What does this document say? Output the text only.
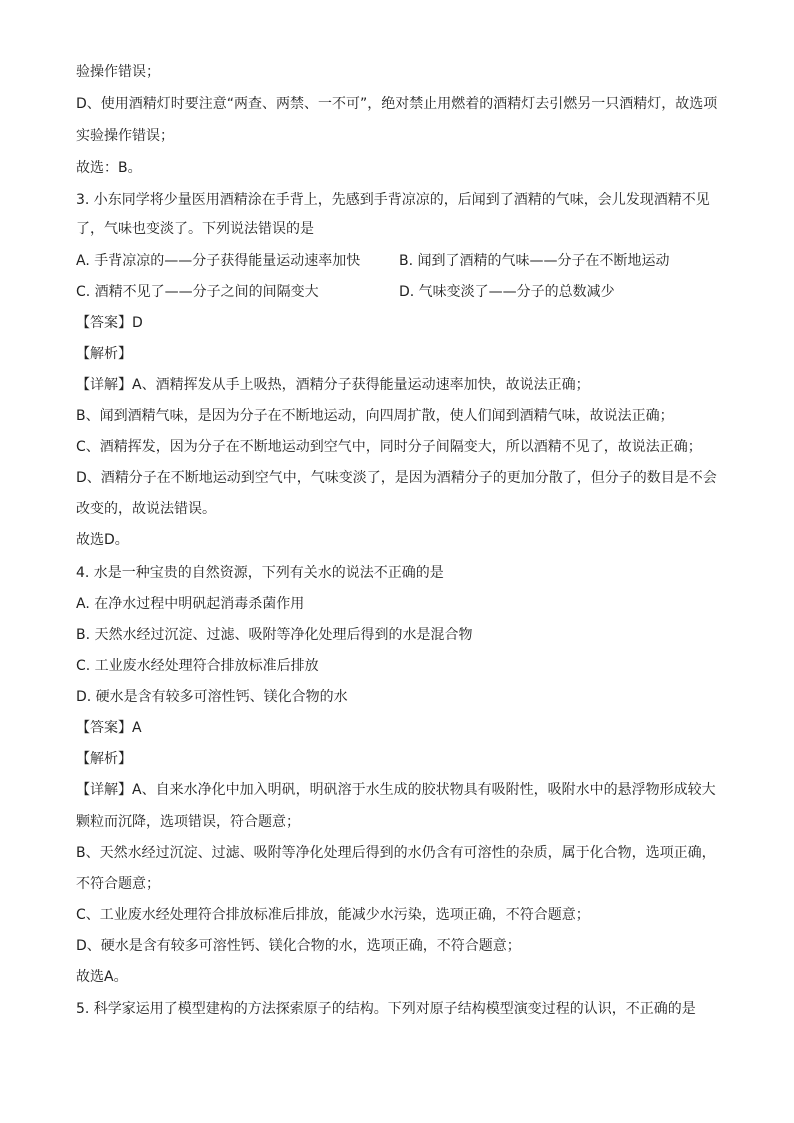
验操作错误；
D、使用酒精灯时要注意“两查、两禁、一不可”，绝对禁止用燃着的酒精灯去引燃另一只酒精灯，故选项
实验操作错误；
故选：B。
3. 小东同学将少量医用酒精涂在手背上，先感到手背凉凉的，后闻到了酒精的气味，会儿发现酒精不见
了，气味也变淡了。下列说法错误的是
A. 手背凉凉的——分子获得能量运动速率加快	B. 闻到了酒精的气味——分子在不断地运动
C. 酒精不见了——分子之间的间隔变大	D. 气味变淡了——分子的总数减少
【答案】D
【解析】
【详解】A、酒精挥发从手上吸热，酒精分子获得能量运动速率加快，故说法正确；
B、闻到酒精气味，是因为分子在不断地运动，向四周扩散，使人们闻到酒精气味，故说法正确；
C、酒精挥发，因为分子在不断地运动到空气中，同时分子间隔变大，所以酒精不见了，故说法正确；
D、酒精分子在不断地运动到空气中，气味变淡了，是因为酒精分子的更加分散了，但分子的数目是不会
改变的，故说法错误。
故选D。
4. 水是一种宝贵的自然资源，下列有关水的说法不正确的是
A. 在净水过程中明矾起消毒杀菌作用
B. 天然水经过沉淀、过滤、吸附等净化处理后得到的水是混合物
C. 工业废水经处理符合排放标准后排放
D. 硬水是含有较多可溶性钙、镁化合物的水
【答案】A
【解析】
【详解】A、自来水净化中加入明矾，明矾溶于水生成的胶状物具有吸附性，吸附水中的悬浮物形成较大
颗粒而沉降，选项错误，符合题意；
B、天然水经过沉淀、过滤、吸附等净化处理后得到的水仍含有可溶性的杂质，属于化合物，选项正确，
不符合题意；
C、工业废水经处理符合排放标准后排放，能减少水污染，选项正确，不符合题意；
D、硬水是含有较多可溶性钙、镁化合物的水，选项正确，不符合题意；
故选A。
5. 科学家运用了模型建构的方法探索原子的结构。下列对原子结构模型演变过程的认识，不正确的是
